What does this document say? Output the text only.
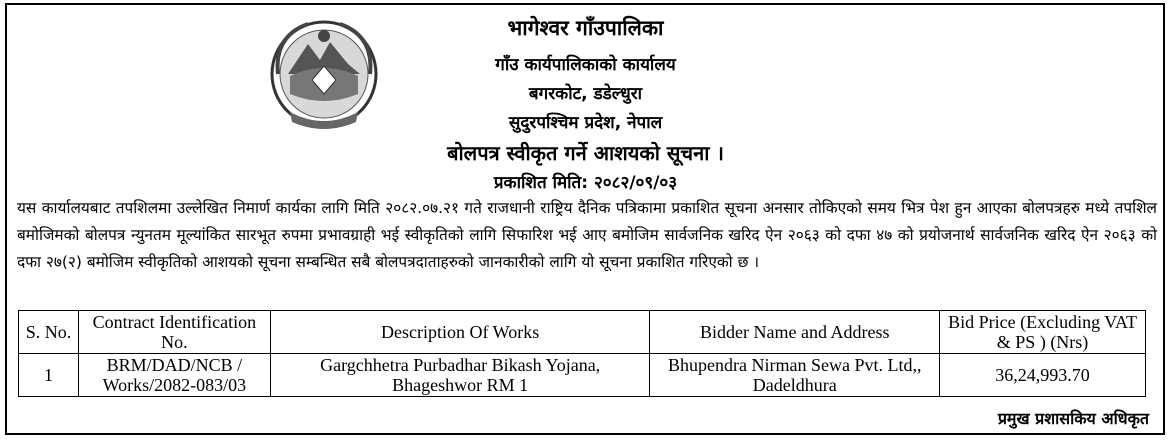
भागेश्वर गाँउपालिका
गाँउ कार्यपालिकाको कार्यालय
बगरकोट, डडेल्धुरा
सुदुरपश्चिम प्रदेश, नेपाल
बोलपत्र स्वीकृत गर्ने आशयको सूचना ।
प्रकाशित मिति: २०८२/०९/०३
यस कार्यालयबाट तपशिलमा उल्लेखित निमार्ण कार्यका लागि मिति २०८२.०७.२१ गते राजधानी राष्ट्रिय दैनिक पत्रिकामा प्रकाशित सूचना अनसार तोकिएको समय भित्र पेश हुन आएका बोलपत्रहरु मध्ये तपशिल बमोजिमको बोलपत्र न्युनतम मूल्यांकित सारभूत रुपमा प्रभावग्राही भई स्वीकृतिको लागि सिफारिश भई आए बमोजिम सार्वजनिक खरिद ऐन २०६३ को दफा ४७ को प्रयोजनार्थ सार्वजनिक खरिद ऐन २०६३ को दफा २७(२) बमोजिम स्वीकृतिको आशयको सूचना सम्बन्धित सबै बोलपत्रदाताहरुको जानकारीको लागि यो सूचना प्रकाशित गरिएको छ ।
S. No.	Contract Identification No.	Description Of Works	Bidder Name and Address	Bid Price (Excluding VAT & PS ) (Nrs)
1	BRM/DAD/NCB / Works/2082-083/03	Gargchhetra Purbadhar Bikash Yojana, Bhageshwor RM 1	Bhupendra Nirman Sewa Pvt. Ltd,, Dadeldhura	36,24,993.70
प्रमुख प्रशासकिय अधिकृत
